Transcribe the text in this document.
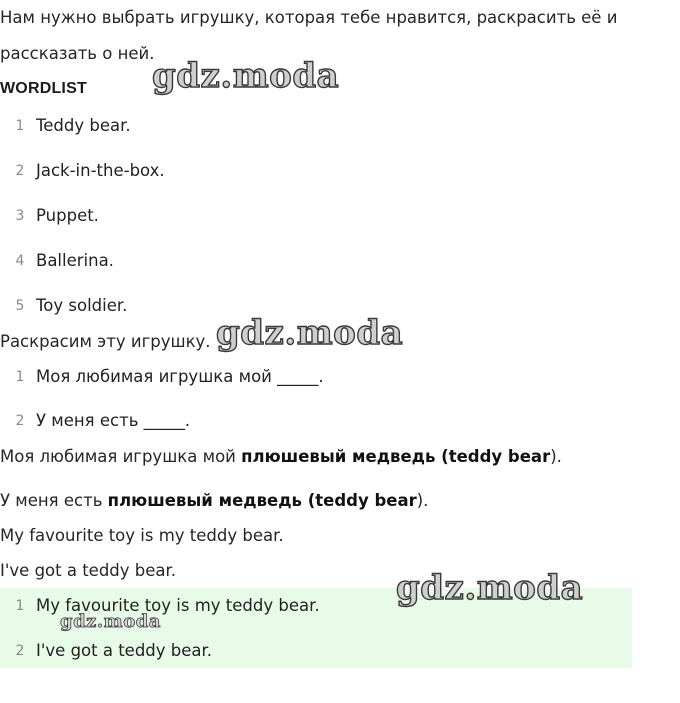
Нам нужно выбрать игрушку, которая тебе нравится, раскрасить её и
рассказать о ней.
WORDLIST
1 Teddy bear.
2 Jack-in-the-box.
3 Puppet.
4 Ballerina.
5 Toy soldier.
Раскрасим эту игрушку.
1 Моя любимая игрушка мой _____.
2 У меня есть _____.
Моя любимая игрушка мой плюшевый медведь (teddy bear).
У меня есть плюшевый медведь (teddy bear).
My favourite toy is my teddy bear.
I've got a teddy bear.
1 My favourite toy is my teddy bear.
2 I've got a teddy bear.
gdz.moda
gdz.moda
gdz.moda
gdz.moda
